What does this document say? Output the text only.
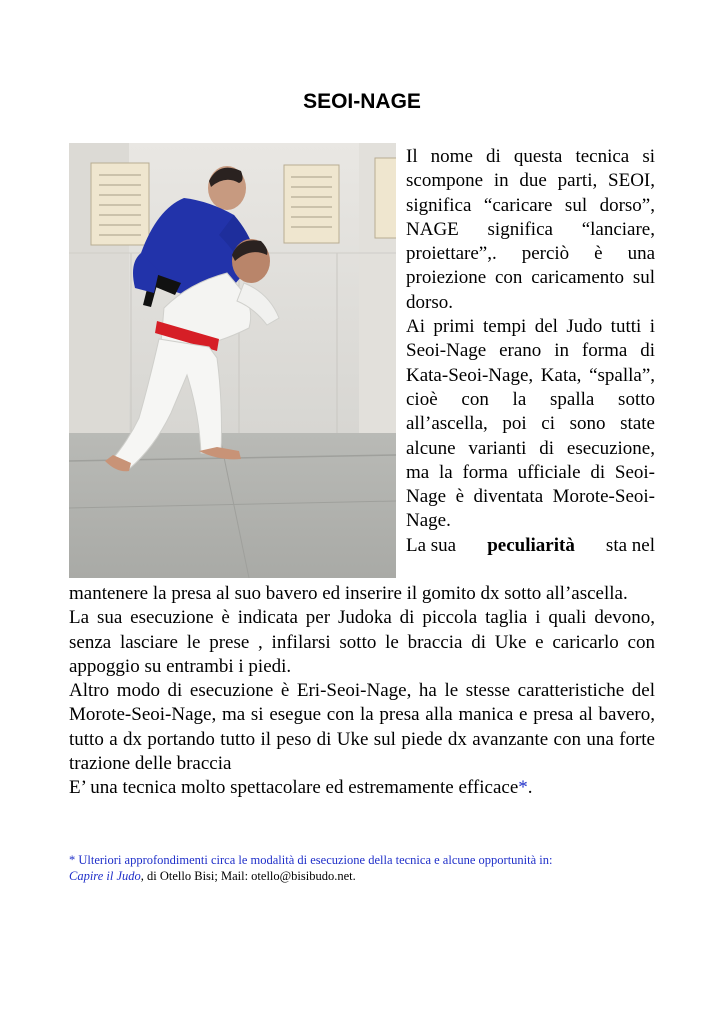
SEOI-NAGE

Il nome di questa tecnica si scompone in due parti, SEOI, significa “caricare sul dorso”, NAGE significa “lanciare, proiettare”,. perciò è una proiezione con caricamento sul dorso.

Ai primi tempi del Judo tutti i Seoi-Nage erano in forma di Kata-Seoi-Nage, Kata, “spalla”, cioè con la spalla sotto all’ascella, poi ci sono state alcune varianti di esecuzione, ma la forma ufficiale di Seoi-Nage è diventata Morote-Seoi-Nage.

La sua peculiarità sta nel

mantenere la presa al suo bavero ed inserire il gomito dx sotto all’ascella.

La sua esecuzione è indicata per Judoka di piccola taglia i quali devono, senza lasciare le prese , infilarsi sotto le braccia di Uke e caricarlo con appoggio su entrambi i piedi.

Altro modo di esecuzione è Eri-Seoi-Nage, ha le stesse caratteristiche del Morote-Seoi-Nage, ma si esegue con la presa alla manica e presa al bavero, tutto a dx portando tutto il peso di Uke sul piede dx avanzante con una forte trazione delle braccia

E’ una tecnica molto spettacolare ed estremamente efficace*.

* Ulteriori approfondimenti circa le modalità di esecuzione della tecnica e alcune opportunità in:

Capire il Judo, di Otello Bisi; Mail: otello@bisibudo.net.
